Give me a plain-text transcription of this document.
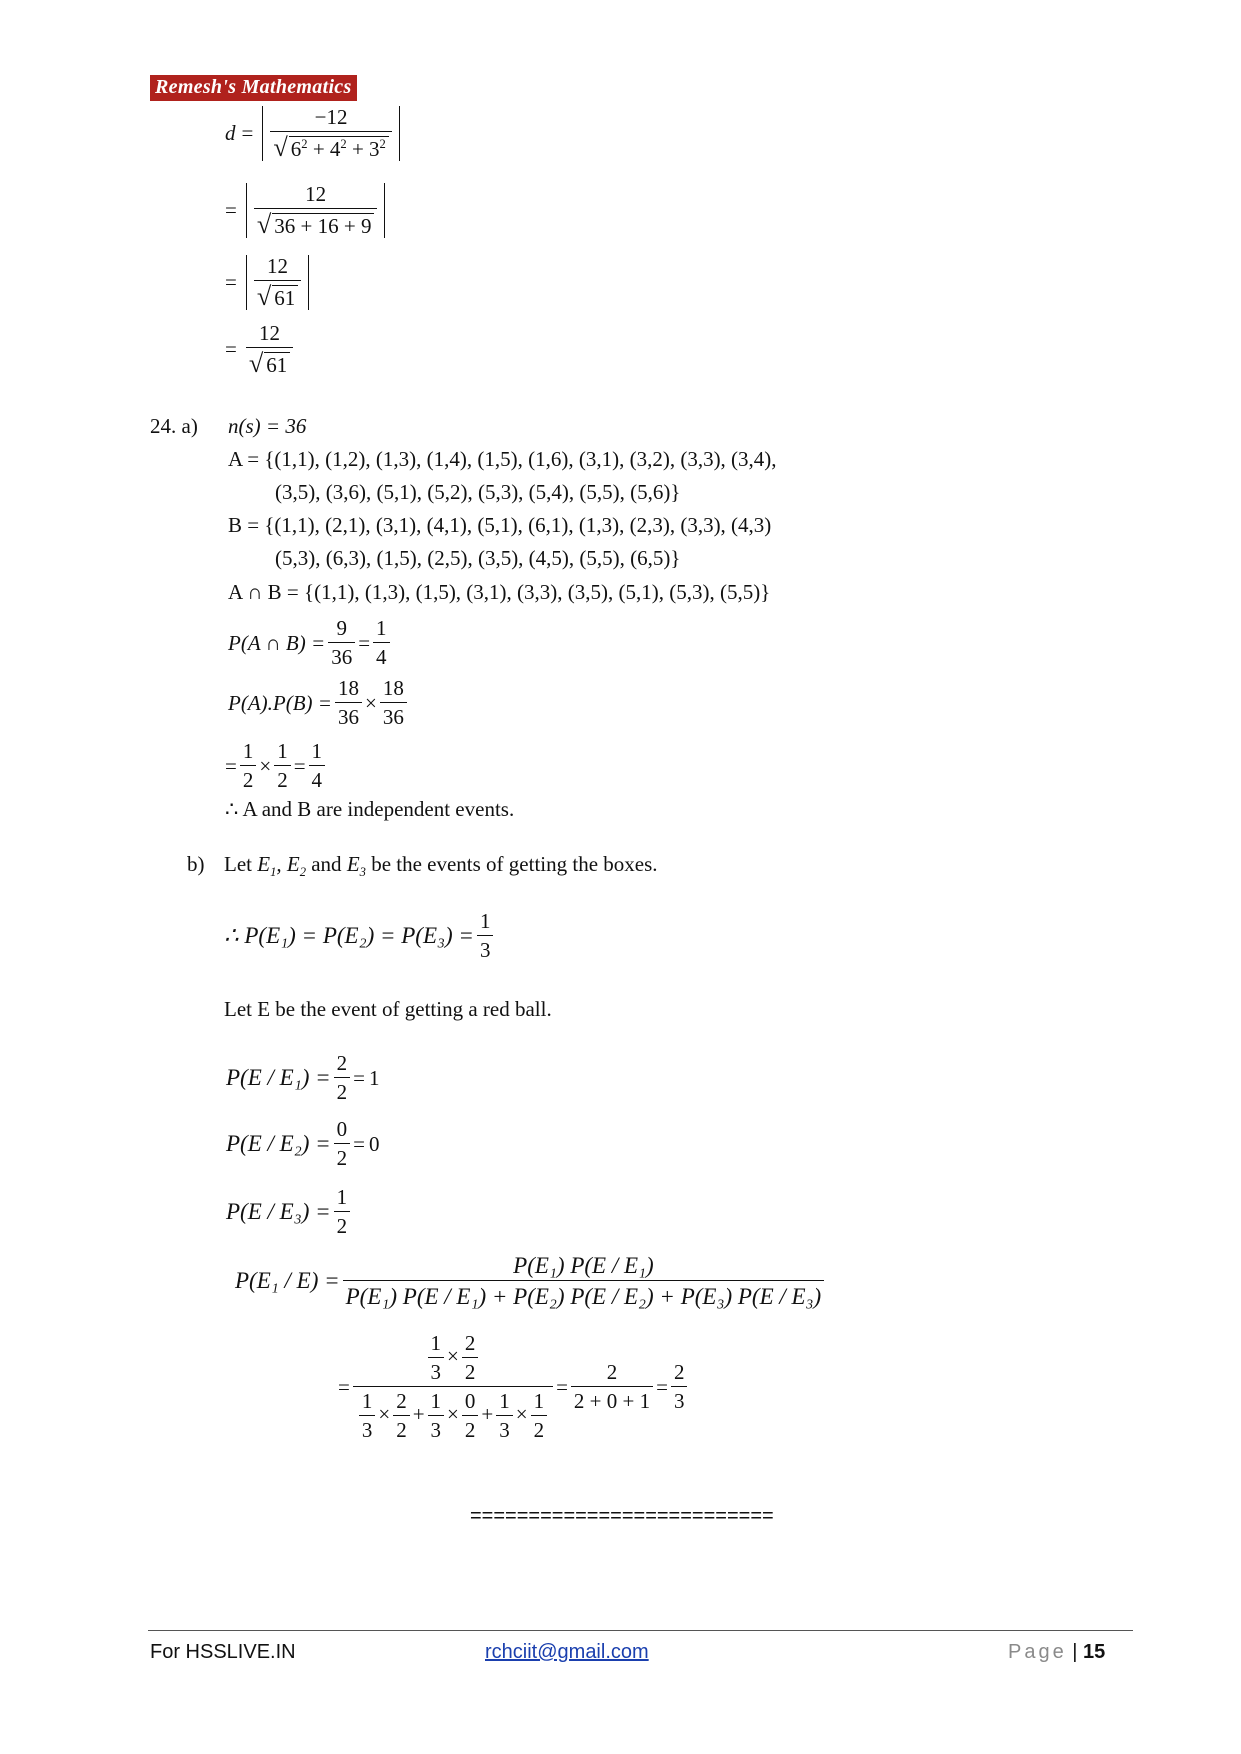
Remesh's Mathematics
$d = \frac{-12}{√ 6^2 + 4^2 + 3^2}$
= $\frac{12}{√ 36 + 16 + 9}$
= $\frac{12}{√ 61}$
= $\frac{12}{√ 61}$
24. a) n(s) = 36
A = {(1,1), (1,2), (1,3), (1,4), (1,5), (1,6), (3,1), (3,2), (3,3), (3,4),
(3,5), (3,6), (5,1), (5,2), (5,3), (5,4), (5,5), (5,6)}
B = {(1,1), (2,1), (3,1), (4,1), (5,1), (6,1), (1,3), (2,3), (3,3), (4,3)
(5,3), (6,3), (1,5), (2,5), (3,5), (4,5), (5,5), (6,5)}
A ∩ B = {(1,1), (1,3), (1,5), (3,1), (3,3), (3,5), (5,1), (5,3), (5,5)}
P(A ∩ $B) = \frac{9}{36} = \frac{1}{4}$
$P(A).P(B) = \frac{18}{36} \times \frac{18}{36}$
= $\frac{1}{2} \times \frac{1}{2} = \frac{1}{4}$
∴ A and B are independent events.
b) Let $E_1$, $E_2$ and $E_3$ be the events of getting the boxes.
∴ $P(E_1) = P(E_2) = P(E_3) = \frac{1}{3}$
Let E be the event of getting a red ball.
$P(E / E_1) = \frac{2}{2} = 1$
$P(E / E_2) = \frac{0}{2} = 0$
$P(E / E_3) = \frac{1}{2}$
$P(E_1 / E) = \frac{\text{P(E₁) P(E / E₁)}}{\text{P(E₁) P(E / E₁) + P(E₂) P(E / E₂) + P(E₃) P(E / E₃)}}$
= $\frac{\frac{1}{3} \times \frac{2}{2}}{\frac{1}{3} \times \frac{2}{2} + \frac{1}{3} \times \frac{0}{2} + \frac{1}{3} \times \frac{1}{2}} = \frac{2}{2 + 0 + 1} = \frac{2}{3}$
==========================
For HSSLIVE.IN	rchciit@gmail.com	Page | 15
